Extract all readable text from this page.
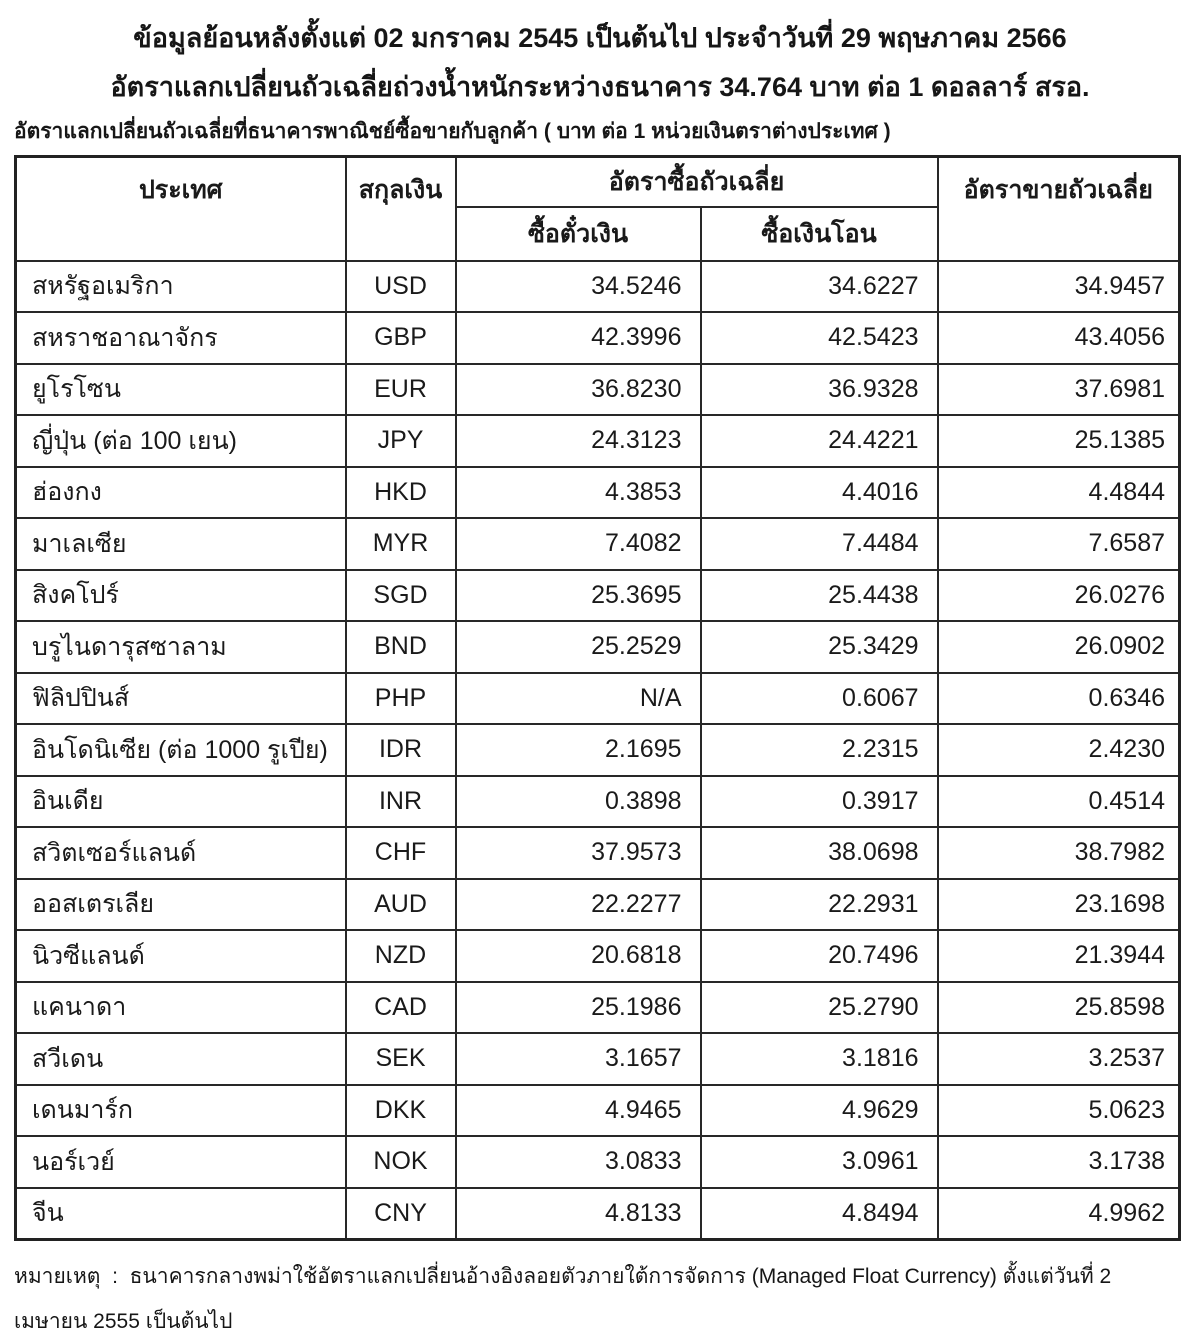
ข้อมูลย้อนหลังตั้งแต่ 02 มกราคม 2545 เป็นต้นไป ประจำวันที่ 29 พฤษภาคม 2566
อัตราแลกเปลี่ยนถัวเฉลี่ยถ่วงน้ำหนักระหว่างธนาคาร 34.764 บาท ต่อ 1 ดอลลาร์ สรอ.
อัตราแลกเปลี่ยนถัวเฉลี่ยที่ธนาคารพาณิชย์ซื้อขายกับลูกค้า ( บาท ต่อ 1 หน่วยเงินตราต่างประเทศ )
ประเทศ	สกุลเงิน	อัตราซื้อถัวเฉลี่ย		อัตราขายถัวเฉลี่ย
		ซื้อตั๋วเงิน	ซื้อเงินโอน	
สหรัฐอเมริกา	USD	34.5246	34.6227	34.9457
สหราชอาณาจักร	GBP	42.3996	42.5423	43.4056
ยูโรโซน	EUR	36.8230	36.9328	37.6981
ญี่ปุ่น (ต่อ 100 เยน)	JPY	24.3123	24.4221	25.1385
ฮ่องกง	HKD	4.3853	4.4016	4.4844
มาเลเซีย	MYR	7.4082	7.4484	7.6587
สิงคโปร์	SGD	25.3695	25.4438	26.0276
บรูไนดารุสซาลาม	BND	25.2529	25.3429	26.0902
ฟิลิปปินส์	PHP	N/A	0.6067	0.6346
อินโดนิเซีย (ต่อ 1000 รูเปีย)	IDR	2.1695	2.2315	2.4230
อินเดีย	INR	0.3898	0.3917	0.4514
สวิตเซอร์แลนด์	CHF	37.9573	38.0698	38.7982
ออสเตรเลีย	AUD	22.2277	22.2931	23.1698
นิวซีแลนด์	NZD	20.6818	20.7496	21.3944
แคนาดา	CAD	25.1986	25.2790	25.8598
สวีเดน	SEK	3.1657	3.1816	3.2537
เดนมาร์ก	DKK	4.9465	4.9629	5.0623
นอร์เวย์	NOK	3.0833	3.0961	3.1738
จีน	CNY	4.8133	4.8494	4.9962
หมายเหตุ  :  ธนาคารกลางพม่าใช้อัตราแลกเปลี่ยนอ้างอิงลอยตัวภายใต้การจัดการ (Managed Float Currency) ตั้งแต่วันที่ 2 เมษายน 2555 เป็นต้นไป
